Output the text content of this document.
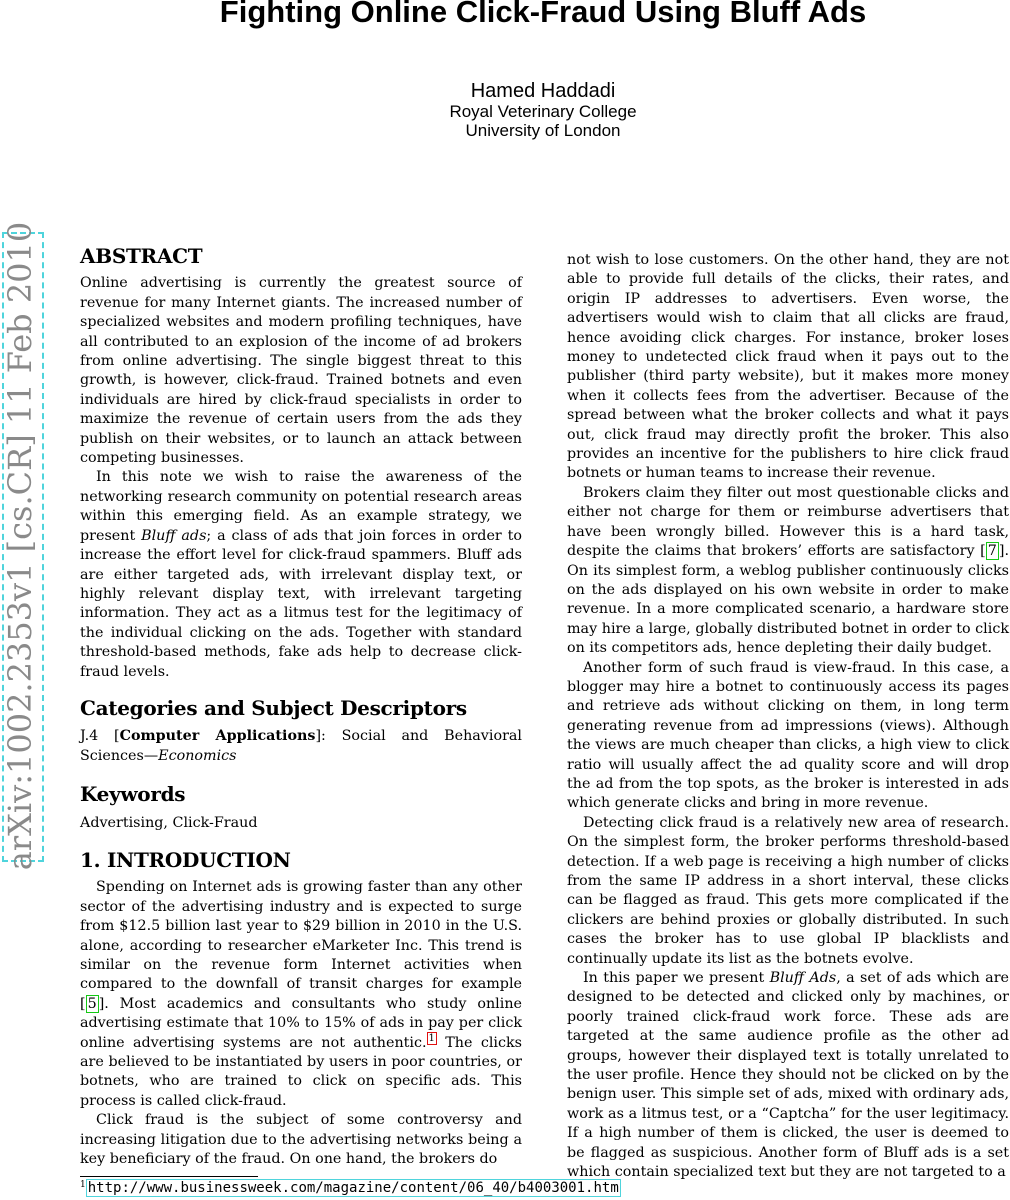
Fighting Online Click-Fraud Using Bluff Ads
Hamed Haddadi
Royal Veterinary College
University of London
arXiv:1002.2353v1 [cs.CR] 11 Feb 2010 ABSTRACT

Online advertising is currently the greatest source of revenue for many Internet giants. The increased number of specialized websites and modern profiling techniques, have all contributed to an explosion of the income of ad brokers from online advertising. The single biggest threat to this growth, is however, click-fraud. Trained botnets and even individuals are hired by click-fraud specialists in order to maximize the revenue of certain users from the ads they publish on their websites, or to launch an attack between competing businesses.

In this note we wish to raise the awareness of the networking research community on potential research areas within this emerging field. As an example strategy, we present Bluff ads; a class of ads that join forces in order to increase the effort level for click-fraud spammers. Bluff ads are either targeted ads, with irrelevant display text, or highly relevant display text, with irrelevant targeting information. They act as a litmus test for the legitimacy of the individual clicking on the ads. Together with standard threshold-based methods, fake ads help to decrease click-fraud levels.

Categories and Subject Descriptors

J.4 [Computer Applications]: Social and Behavioral Sciences—Economics

Keywords

Advertising, Click-Fraud

1. INTRODUCTION

Spending on Internet ads is growing faster than any other sector of the advertising industry and is expected to surge from $12.5 billion last year to $29 billion in 2010 in the U.S. alone, according to researcher eMarketer Inc. This trend is similar on the revenue form Internet activities when compared to the downfall of transit charges for example [ 5 ]. Most academics and consultants who study online advertising estimate that 10% to 15% of ads in pay per click online advertising systems are not authentic. $^1$ The clicks are believed to be instantiated by users in poor countries, or botnets, who are trained to click on specific ads. This process is called click-fraud.

Click fraud is the subject of some controversy and increasing litigation due to the advertising networks being a key beneficiary of the fraud. On one hand, the brokers do

not wish to lose customers. On the other hand, they are not able to provide full details of the clicks, their rates, and origin IP addresses to advertisers. Even worse, the advertisers would wish to claim that all clicks are fraud, hence avoiding click charges. For instance, broker loses money to undetected click fraud when it pays out to the publisher (third party website), but it makes more money when it collects fees from the advertiser. Because of the spread between what the broker collects and what it pays out, click fraud may directly profit the broker. This also provides an incentive for the publishers to hire click fraud botnets or human teams to increase their revenue.

Brokers claim they filter out most questionable clicks and either not charge for them or reimburse advertisers that have been wrongly billed. However this is a hard task, despite the claims that brokers’ efforts are satisfactory [ 7 ]. On its simplest form, a weblog publisher continuously clicks on the ads displayed on his own website in order to make revenue. In a more complicated scenario, a hardware store may hire a large, globally distributed botnet in order to click on its competitors ads, hence depleting their daily budget.

Another form of such fraud is view-fraud. In this case, a blogger may hire a botnet to continuously access its pages and retrieve ads without clicking on them, in long term generating revenue from ad impressions (views). Although the views are much cheaper than clicks, a high view to click ratio will usually affect the ad quality score and will drop the ad from the top spots, as the broker is interested in ads which generate clicks and bring in more revenue.

Detecting click fraud is a relatively new area of research. On the simplest form, the broker performs threshold-based detection. If a web page is receiving a high number of clicks from the same IP address in a short interval, these clicks can be flagged as fraud. This gets more complicated if the clickers are behind proxies or globally distributed. In such cases the broker has to use global IP blacklists and continually update its list as the botnets evolve.

In this paper we present Bluff Ads, a set of ads which are designed to be detected and clicked only by machines, or poorly trained click-fraud work force. These ads are targeted at the same audience profile as the other ad groups, however their displayed text is totally unrelated to the user profile. Hence they should not be clicked on by the benign user. This simple set of ads, mixed with ordinary ads, work as a litmus test, or a “Captcha” for the user legitimacy. If a high number of them is clicked, the user is deemed to be flagged as suspicious. Another form of Bluff ads is a set which contain specialized text but they are not targeted to a

$^1$ http://www.businessweek.com/magazine/content/06_40/b4003001.htm
